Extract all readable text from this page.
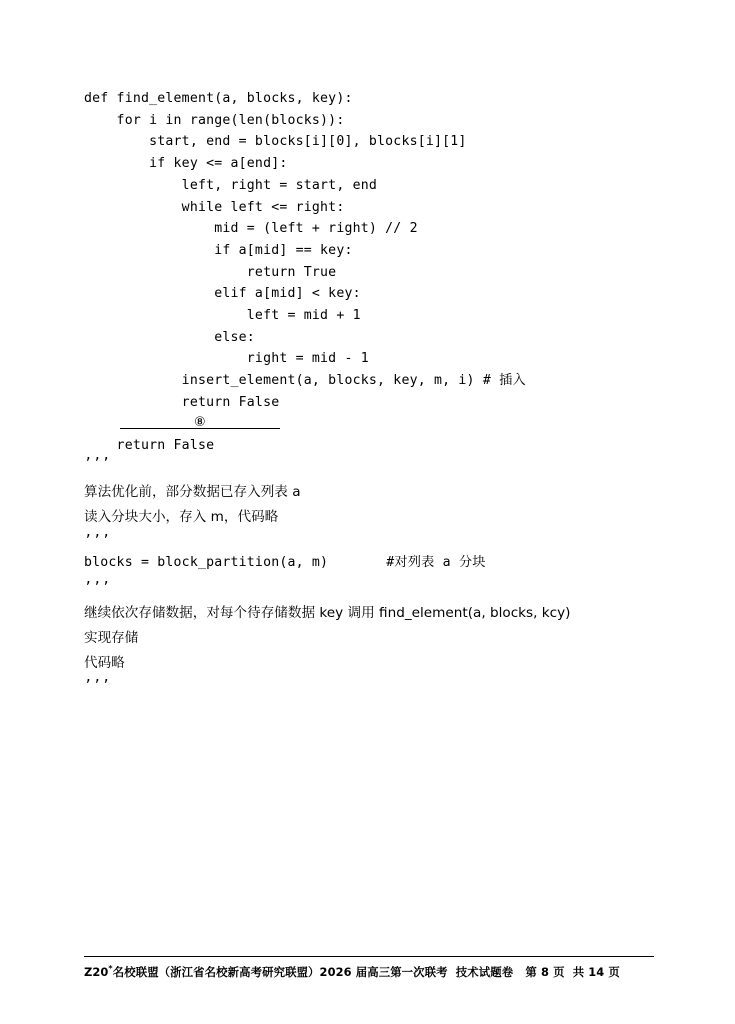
def find_element(a, blocks, key):
for i in range(len(blocks)):
start, end = blocks[i][0], blocks[i][1]
if key <= a[end]:
left, right = start, end
while left <= right:
mid = (left + right) // 2
if a[mid] == key:
return True
elif a[mid] < key:
left = mid + 1
else:
right = mid - 1
insert_element(a, blocks, key, m, i) # 插入
return False
⑧
return False
’’’
算法优化前，部分数据已存入列表 a
读入分块大小，存入 m，代码略
’’’
blocks = block_partition(a, m)	#对列表 a 分块
’’’
继续依次存储数据，对每个待存储数据 key 调用 find_element(a, blocks, kcy)
实现存储
代码略
’’’
Z20*名校联盟（浙江省名校新高考研究联盟）2026 届高三第一次联考  技术试题卷   第 8 页  共 14 页
